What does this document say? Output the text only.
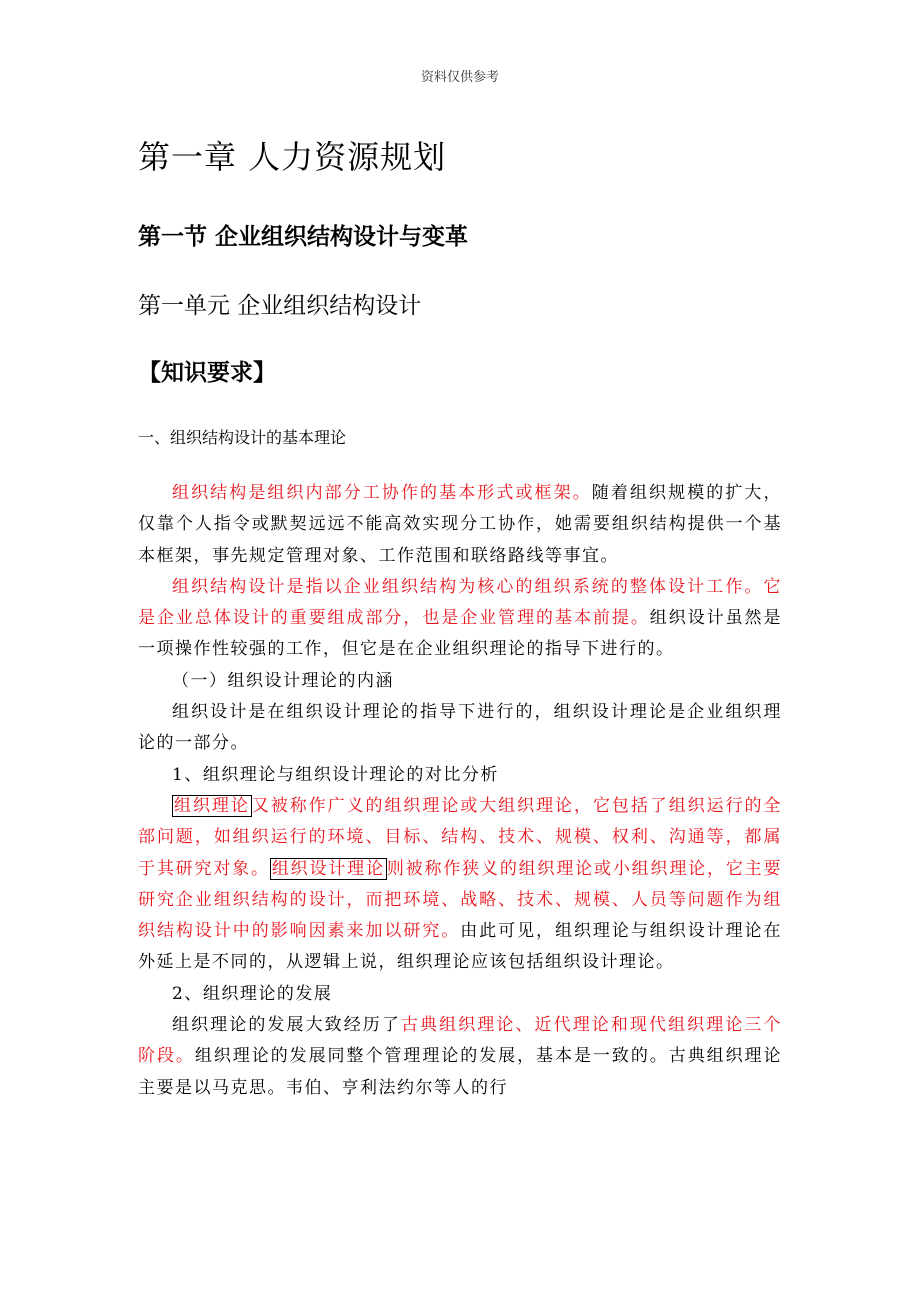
资料仅供参考
第一章 人力资源规划
第一节 企业组织结构设计与变革
第一单元 企业组织结构设计
【知识要求】
一、组织结构设计的基本理论

组织结构是组织内部分工协作的基本形式或框架。随着组织规模的扩大，仅靠个人指令或默契远远不能高效实现分工协作，她需要组织结构提供一个基本框架，事先规定管理对象、工作范围和联络路线等事宜。

组织结构设计是指以企业组织结构为核心的组织系统的整体设计工作。它是企业总体设计的重要组成部分，也是企业管理的基本前提。组织设计虽然是一项操作性较强的工作，但它是在企业组织理论的指导下进行的。

（一）组织设计理论的内涵

组织设计是在组织设计理论的指导下进行的，组织设计理论是企业组织理论的一部分。

1、组织理论与组织设计理论的对比分析

组织理论 又被称作广义的组织理论或大组织理论，它包括了组织运行的全部问题，如组织运行的环境、目标、结构、技术、规模、权利、沟通等，都属于其研究对象。 组织设计理论 则被称作狭义的组织理论或小组织理论，它主要研究企业组织结构的设计，而把环境、战略、技术、规模、人员等问题作为组织结构设计中的影响因素来加以研究。由此可见，组织理论与组织设计理论在外延上是不同的，从逻辑上说，组织理论应该包括组织设计理论。

2、组织理论的发展

组织理论的发展大致经历了古典组织理论、近代理论和现代组织理论三个阶段。组织理论的发展同整个管理理论的发展，基本是一致的。古典组织理论主要是以马克思。韦伯、亨利法约尔等人的行
